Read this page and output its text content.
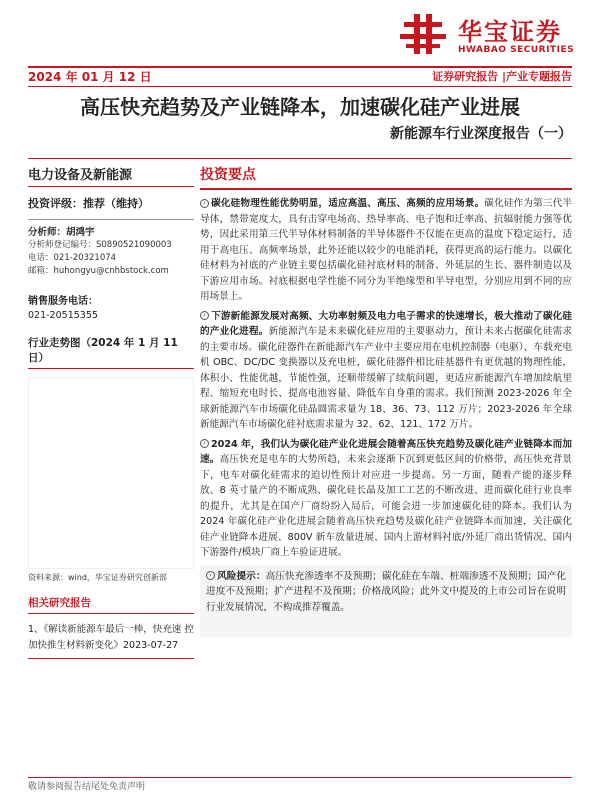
华宝证券
HWABAO SECURITIES
2024 年 01 月 12 日	证券研究报告 |产业专题报告
高压快充趋势及产业链降本，加速碳化硅产业进展
新能源车行业深度报告（一）
电力设备及新能源
投资评级：推荐（维持）
分析师：胡鸿宇
分析师登记编号：S0890521090003
电话：021-20321074
邮箱：huhongyu@cnhbstock.com
销售服务电话：
021-20515355
行业走势图（2024 年 1 月 11 日）
资料来源：wind，华宝证券研究创新部
相关研究报告
1、《解读新能源车最后一棒，快充速 控加快推生材料新变化》2023-07-27
投资要点
› 碳化硅物理性能优势明显，适应高温、高压、高频的应用场景。碳化硅作为第三代半导体，禁带宽度大，具有击穿电场高、热导率高、电子饱和迁率高、抗辐射能力强等优势，因此采用第三代半导体材料制备的半导体器件不仅能在更高的温度下稳定运行，适用于高电压、高频率场景，此外还能以较少的电能消耗，获得更高的运行能力。以碳化硅材料为衬底的产业链主要包括碳化硅衬底材料的制备、外延层的生长、器件制造以及下游应用市场。衬底根据电学性能不同分为半绝缘型和半导电型，分别应用到不同的应用场景上。
› 下游新能源发展对高频、大功率射频及电力电子需求的快速增长，极大推动了碳化硅的产业化进程。新能源汽车是未来碳化硅应用的主要驱动力，预计未来占据碳化硅需求的主要市场。碳化硅器件在新能源汽车产业中主要应用在电机控制器（电驱）、车载充电机 OBC、DC/DC 变换器以及充电桩，碳化硅器件相比硅基器件有更优越的物理性能，体积小、性能优越，节能性强，还顺带缓解了续航问题，更适应新能源汽车增加续航里程、缩短充电时长、提高电池容量、降低车自身重的需求。我们预测 2023-2026 年全球新能源汽车市场碳化硅晶圆需求量为 18、36、73、112 万片；2023-2026 年全球新能源汽车市场碳化硅衬底需求量为 32、62、121、172 万片。
› 2024 年，我们认为碳化硅产业化进展会随着高压快充趋势及碳化硅产业链降本而加速。高压快充是电车的大势所趋，未来会逐渐下沉到更低区间的价格带，高压快充背景下，电车对碳化硅需求的迫切性预计对应进一步提高。另一方面，随着产能的逐步释放、8 英寸量产的不断成熟、碳化硅长晶及加工工艺的不断改进、进而碳化硅行业良率的提升，尤其是在国产厂商纷纷入局后，可能会进一步加速碳化硅的降本。我们认为 2024 年碳化硅产业化进展会随着高压快充趋势及碳化硅产业链降本而加速，关注碳化硅产业链降本进展、800V 新车放量进展、国内上游材料衬底/外延厂商出货情况、国内下游器件/模块厂商上车验证进展。
› 风险提示：高压快充渗透率不及预期；碳化硅在车端、桩端渗透不及预期；国产化进度不及预期；扩产进程不及预期；价格战风险；此外文中提及的上市公司旨在说明行业发展情况，不构成推荐覆盖。
敬请参阅报告结尾处免责声明
